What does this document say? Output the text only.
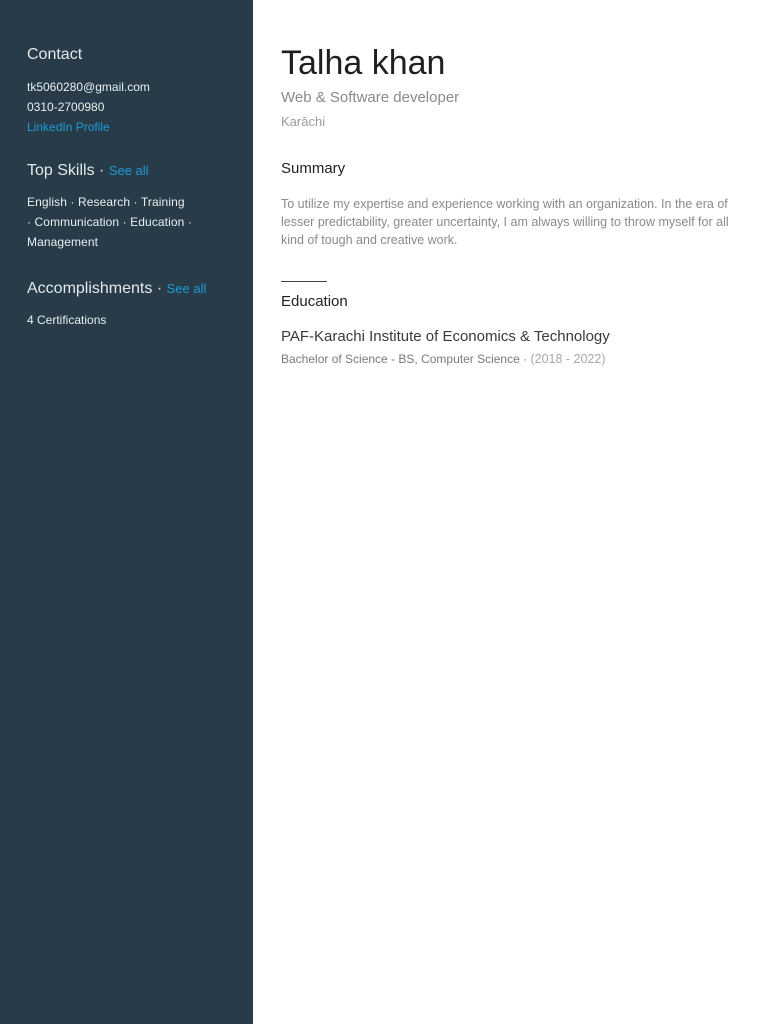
Contact
tk5060280@gmail.com
0310-2700980
LinkedIn Profile
Top Skills · See all
English · Research · Training
· Communication · Education ·
Management
Accomplishments · See all
4 Certifications
Talha khan
Web & Software developer
Karāchi
Summary
To utilize my expertise and experience working with an organization. In the era of lesser predictability, greater uncertainty, I am always willing to throw myself for all kind of tough and creative work.
Education
PAF-Karachi Institute of Economics & Technology
Bachelor of Science - BS, Computer Science · (2018 - 2022)
